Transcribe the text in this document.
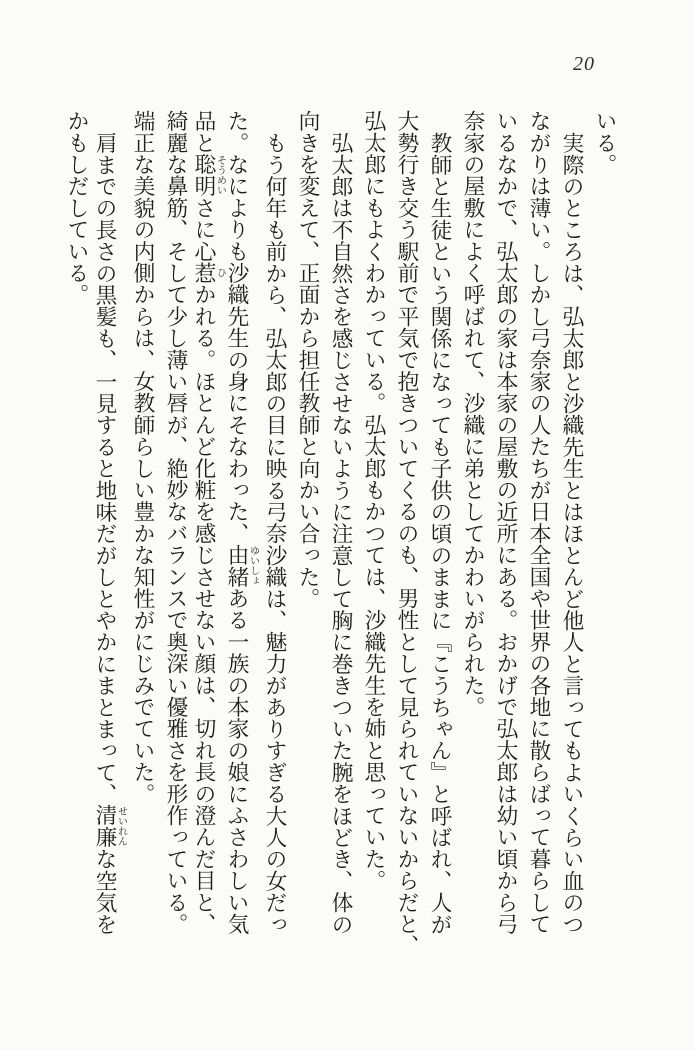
20
いる。
実際のところは、弘太郎と沙織先生とはほとんど他人と言ってもよいくらい血のつ
ながりは薄い。しかし弓奈家の人たちが日本全国や世界の各地に散らばって暮らして
いるなかで、弘太郎の家は本家の屋敷の近所にある。おかげで弘太郎は幼い頃から弓
奈家の屋敷によく呼ばれて、沙織に弟としてかわいがられた。
教師と生徒という関係になっても子供の頃のままに『こうちゃん』と呼ばれ、人が
大勢行き交う駅前で平気で抱きついてくるのも、男性として見られていないからだと、
弘太郎にもよくわかっている。弘太郎もかつては、沙織先生を姉と思っていた。
弘太郎は不自然さを感じさせないように注意して胸に巻きついた腕をほどき、体の
向きを変えて、正面から担任教師と向かい合った。
もう何年も前から、弘太郎の目に映る弓奈沙織は、魅力がありすぎる大人の女だっ
た。なによりも沙織先生の身にそなわった、由緒ゆいしょある一族の本家の娘にふさわしい気
品と聡明そうめいさに心惹ひかれる。ほとんど化粧を感じさせない顔は、切れ長の澄んだ目と、
綺麗な鼻筋、そして少し薄い唇が、絶妙なバランスで奥深い優雅さを形作っている。
端正な美貌の内側からは、女教師らしい豊かな知性がにじみでていた。
肩までの長さの黒髪も、一見すると地味だがしとやかにまとまって、清廉せいれんな空気を
かもしだしている。
